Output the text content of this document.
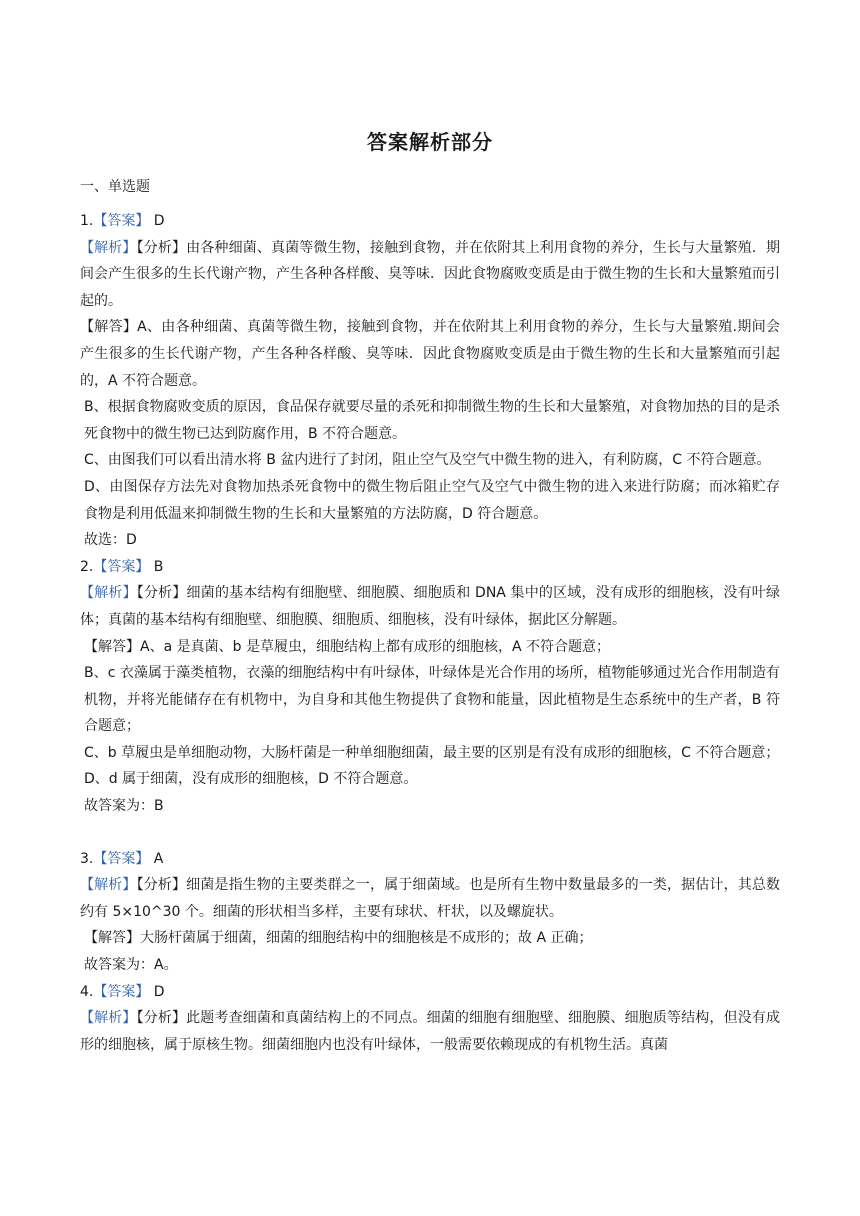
答案解析部分
一、单选题

1.【答案】 D

【解析】【分析】由各种细菌、真菌等微生物，接触到食物，并在依附其上利用食物的养分，生长与大量繁殖．期间会产生很多的生长代谢产物，产生各种各样酸、臭等味．因此食物腐败变质是由于微生物的生长和大量繁殖而引起的。

【解答】A、由各种细菌、真菌等微生物，接触到食物，并在依附其上利用食物的养分，生长与大量繁殖.期间会产生很多的生长代谢产物，产生各种各样酸、臭等味．因此食物腐败变质是由于微生物的生长和大量繁殖而引起的，A 不符合题意。

B、根据食物腐败变质的原因，食品保存就要尽量的杀死和抑制微生物的生长和大量繁殖，对食物加热的目的是杀死食物中的微生物已达到防腐作用，B 不符合题意。

C、由图我们可以看出清水将 B 盆内进行了封闭，阻止空气及空气中微生物的进入，有利防腐，C 不符合题意。

D、由图保存方法先对食物加热杀死食物中的微生物后阻止空气及空气中微生物的进入来进行防腐；而冰箱贮存食物是利用低温来抑制微生物的生长和大量繁殖的方法防腐，D 符合题意。

故选：D

2.【答案】 B

【解析】【分析】细菌的基本结构有细胞壁、细胞膜、细胞质和 DNA 集中的区域，没有成形的细胞核，没有叶绿体；真菌的基本结构有细胞壁、细胞膜、细胞质、细胞核，没有叶绿体，据此区分解题。

【解答】A、a 是真菌、b 是草履虫，细胞结构上都有成形的细胞核，A 不符合题意；

B、c 衣藻属于藻类植物，衣藻的细胞结构中有叶绿体，叶绿体是光合作用的场所，植物能够通过光合作用制造有机物，并将光能储存在有机物中，为自身和其他生物提供了食物和能量，因此植物是生态系统中的生产者，B 符合题意；

C、b 草履虫是单细胞动物，大肠杆菌是一种单细胞细菌，最主要的区别是有没有成形的细胞核，C 不符合题意；

D、d 属于细菌，没有成形的细胞核，D 不符合题意。

故答案为：B

3.【答案】 A

【解析】【分析】细菌是指生物的主要类群之一，属于细菌域。也是所有生物中数量最多的一类，据估计，其总数约有 5×10^30 个。细菌的形状相当多样，主要有球状、杆状，以及螺旋状。

【解答】大肠杆菌属于细菌，细菌的细胞结构中的细胞核是不成形的；故 A 正确；

故答案为：A。

4.【答案】 D

【解析】【分析】此题考查细菌和真菌结构上的不同点。细菌的细胞有细胞壁、细胞膜、细胞质等结构，但没有成形的细胞核，属于原核生物。细菌细胞内也没有叶绿体，一般需要依赖现成的有机物生活。真菌
